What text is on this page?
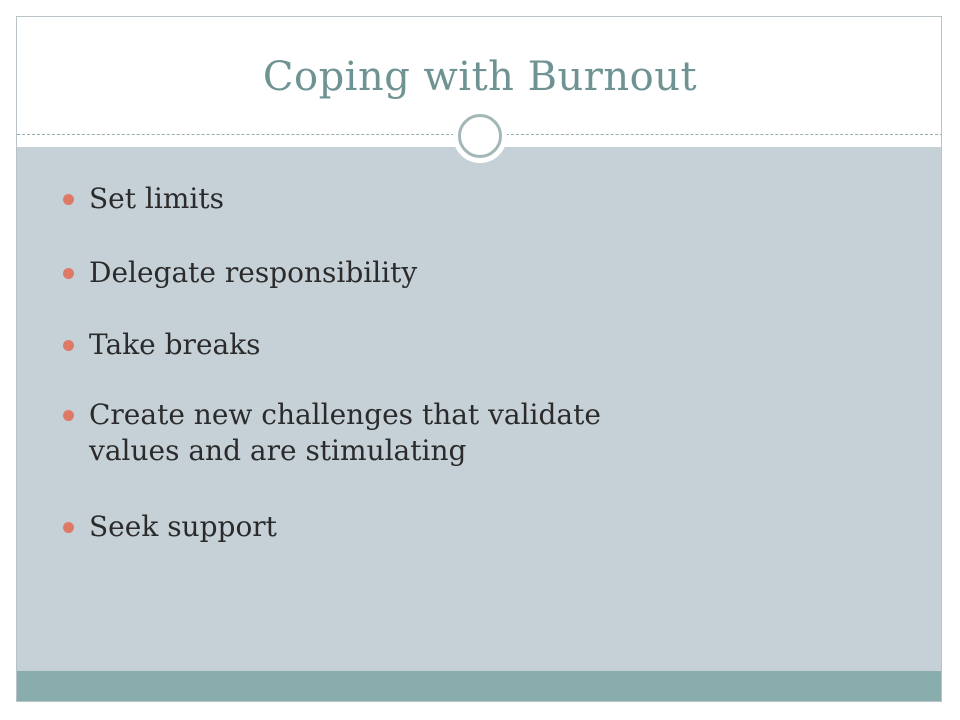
Coping with Burnout
Set limits
Delegate responsibility
Take breaks
Create new challenges that validate values and are stimulating
Seek support
